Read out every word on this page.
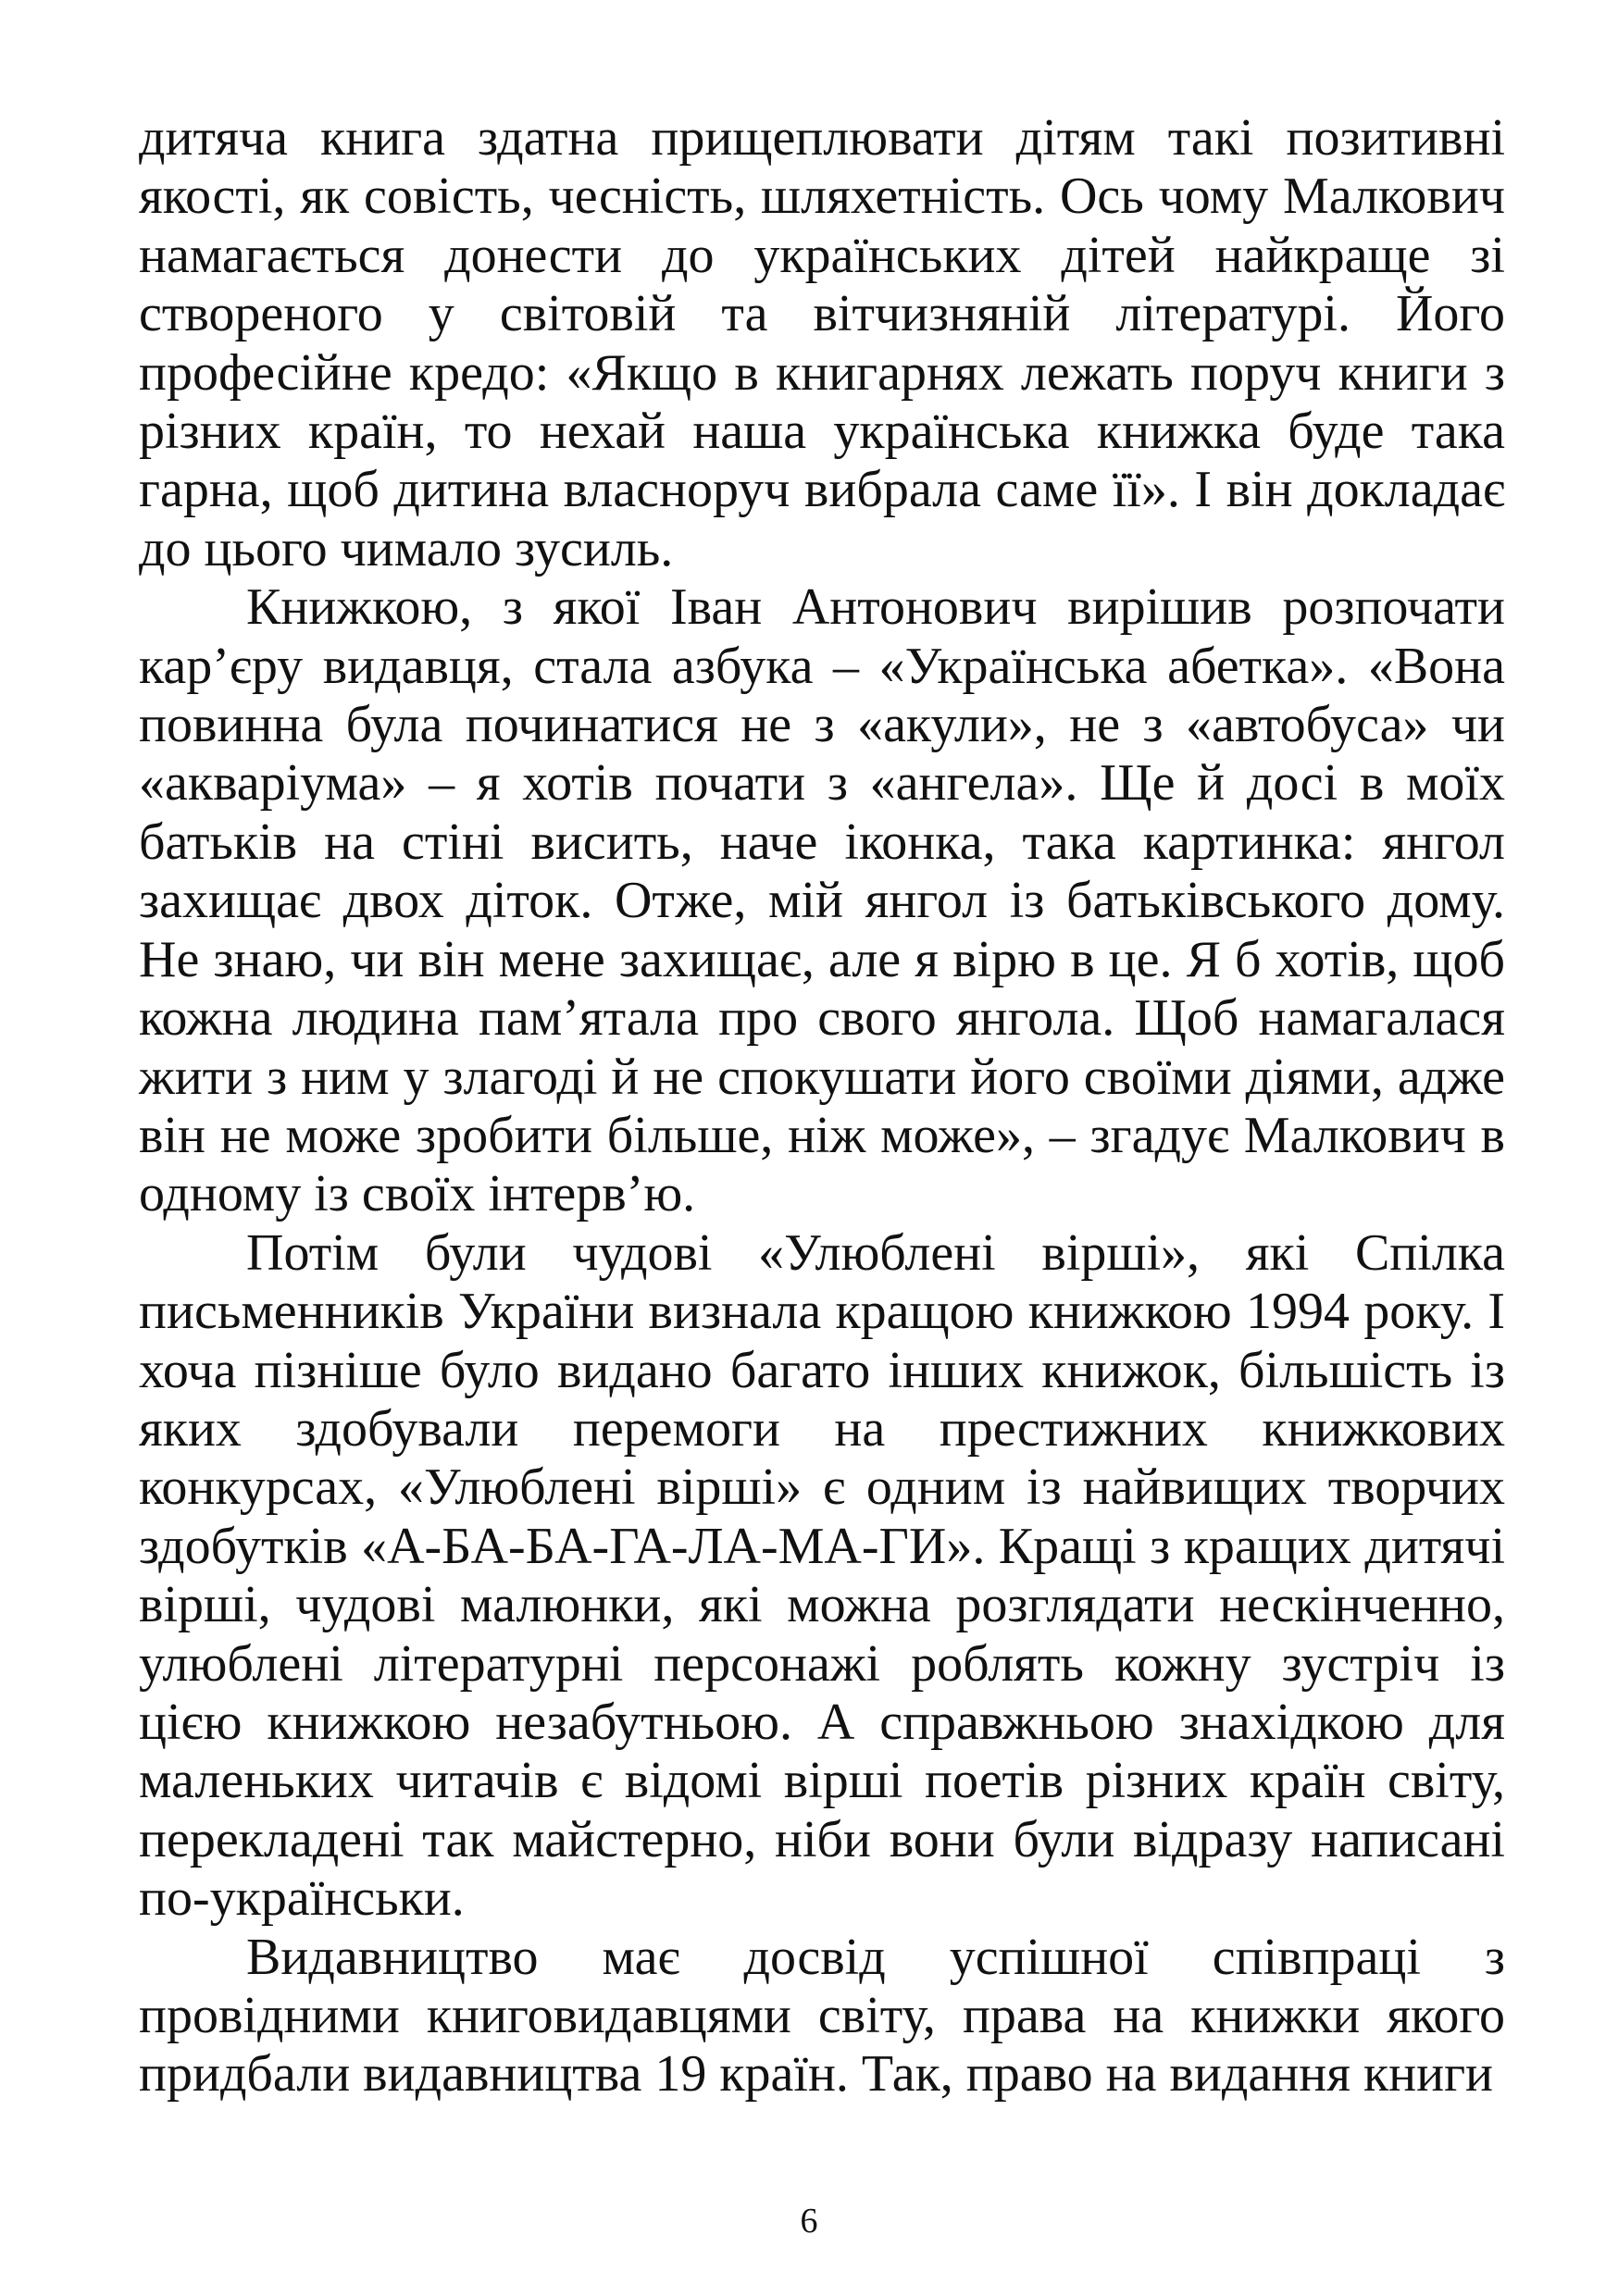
дитяча книга здатна прищеплювати дітям такі позитивні якості, як совість, чесність, шляхетність. Ось чому Малкович намагається донести до українських дітей найкраще зі створеного у світовій та вітчизняній літературі. Його професійне кредо: «Якщо в книгарнях лежать поруч книги з різних країн, то нехай наша українська книжка буде така гарна, щоб дитина власноруч вибрала саме її». І він докладає до цього чимало зусиль.

Книжкою, з якої Іван Антонович вирішив розпочати кар’єру видавця, стала азбука – «Українська абетка». «Вона повинна була починатися не з «акули», не з «автобуса» чи «акваріума» – я хотів почати з «ангела». Ще й досі в моїх батьків на стіні висить, наче іконка, така картинка: янгол захищає двох діток. Отже, мій янгол із батьківського дому. Не знаю, чи він мене захищає, але я вірю в це. Я б хотів, щоб кожна людина пам’ятала про свого янгола. Щоб намагалася жити з ним у злагоді й не спокушати його своїми діями, адже він не може зробити більше, ніж може», – згадує Малкович в одному із своїх інтерв’ю.

Потім були чудові «Улюблені вірші», які Спілка письменників України визнала кращою книжкою 1994 року. І хоча пізніше було видано багато інших книжок, більшість із яких здобували перемоги на престижних книжкових конкурсах, «Улюблені вірші» є одним із найвищих творчих здобутків «А-БА-БА-ГА-ЛА-МА-ГИ». Кращі з кращих дитячі вірші, чудові малюнки, які можна розглядати нескінченно, улюблені літературні персонажі роблять кожну зустріч із цією книжкою незабутньою. А справжньою знахідкою для маленьких читачів є відомі вірші поетів різних країн світу, перекладені так майстерно, ніби вони були відразу написані по-українськи.

Видавництво має досвід успішної співпраці з провідними книговидавцями світу, права на книжки якого придбали видавництва 19 країн. Так, право на видання книги

6
